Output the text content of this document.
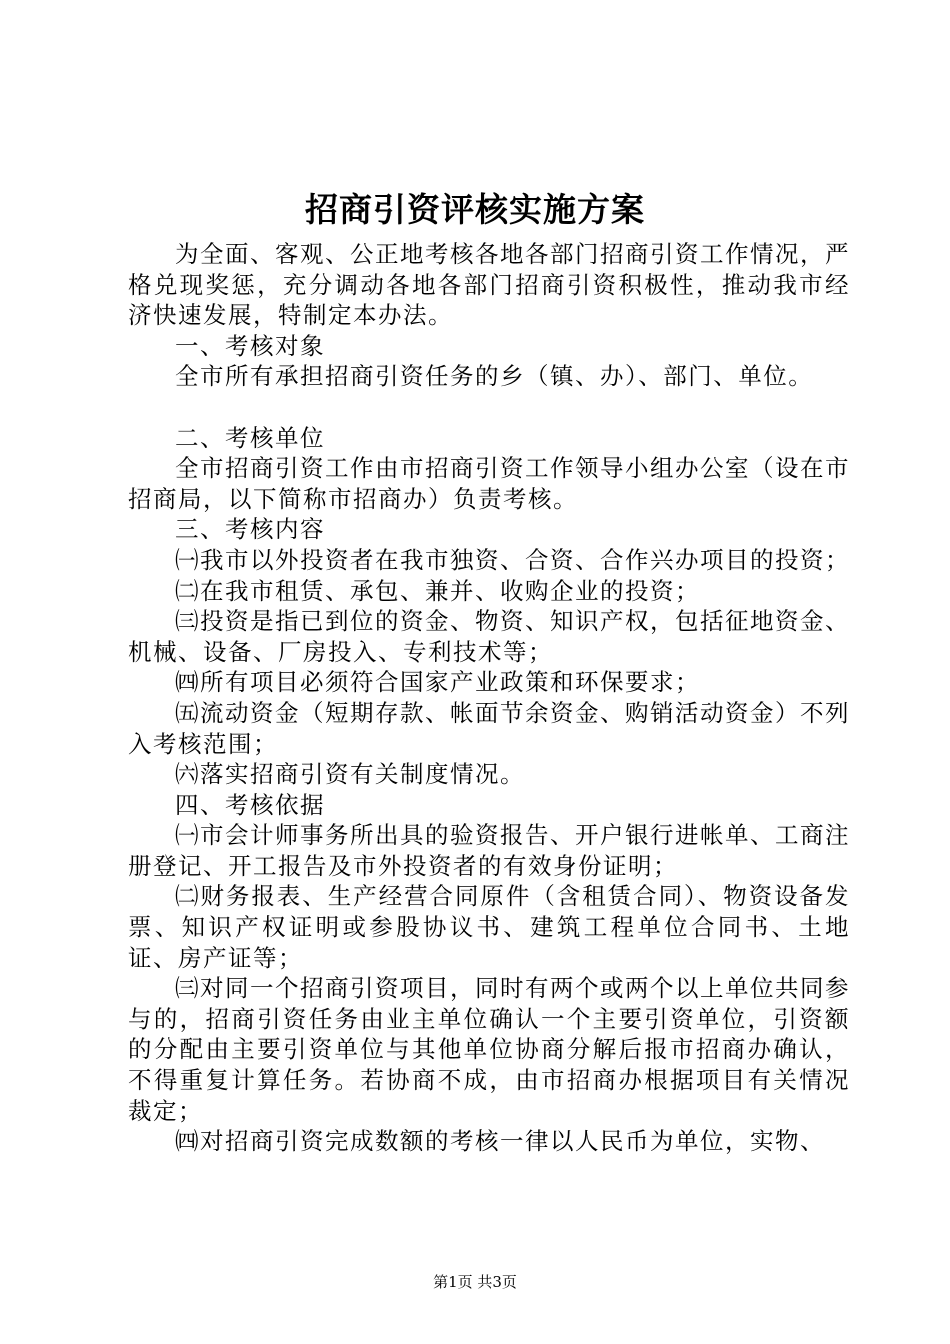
招商引资评核实施方案

为全面、客观、公正地考核各地各部门招商引资工作情况，严格兑现奖惩，充分调动各地各部门招商引资积极性，推动我市经济快速发展，特制定本办法。

一、考核对象

全市所有承担招商引资任务的乡（镇、办）、部门、单位。

二、考核单位

全市招商引资工作由市招商引资工作领导小组办公室（设在市招商局，以下简称市招商办）负责考核。

三、考核内容

㈠我市以外投资者在我市独资、合资、合作兴办项目的投资；

㈡在我市租赁、承包、兼并、收购企业的投资；

㈢投资是指已到位的资金、物资、知识产权，包括征地资金、机械、设备、厂房投入、专利技术等；

㈣所有项目必须符合国家产业政策和环保要求；

㈤流动资金（短期存款、帐面节余资金、购销活动资金）不列入考核范围；

㈥落实招商引资有关制度情况。

四、考核依据

㈠市会计师事务所出具的验资报告、开户银行进帐单、工商注册登记、开工报告及市外投资者的有效身份证明；

㈡财务报表、生产经营合同原件（含租赁合同）、物资设备发票、知识产权证明或参股协议书、建筑工程单位合同书、土地证、房产证等；

㈢对同一个招商引资项目，同时有两个或两个以上单位共同参与的，招商引资任务由业主单位确认一个主要引资单位，引资额的分配由主要引资单位与其他单位协商分解后报市招商办确认，不得重复计算任务。若协商不成，由市招商办根据项目有关情况裁定；

㈣对招商引资完成数额的考核一律以人民币为单位，实物、

第1页 共3页
